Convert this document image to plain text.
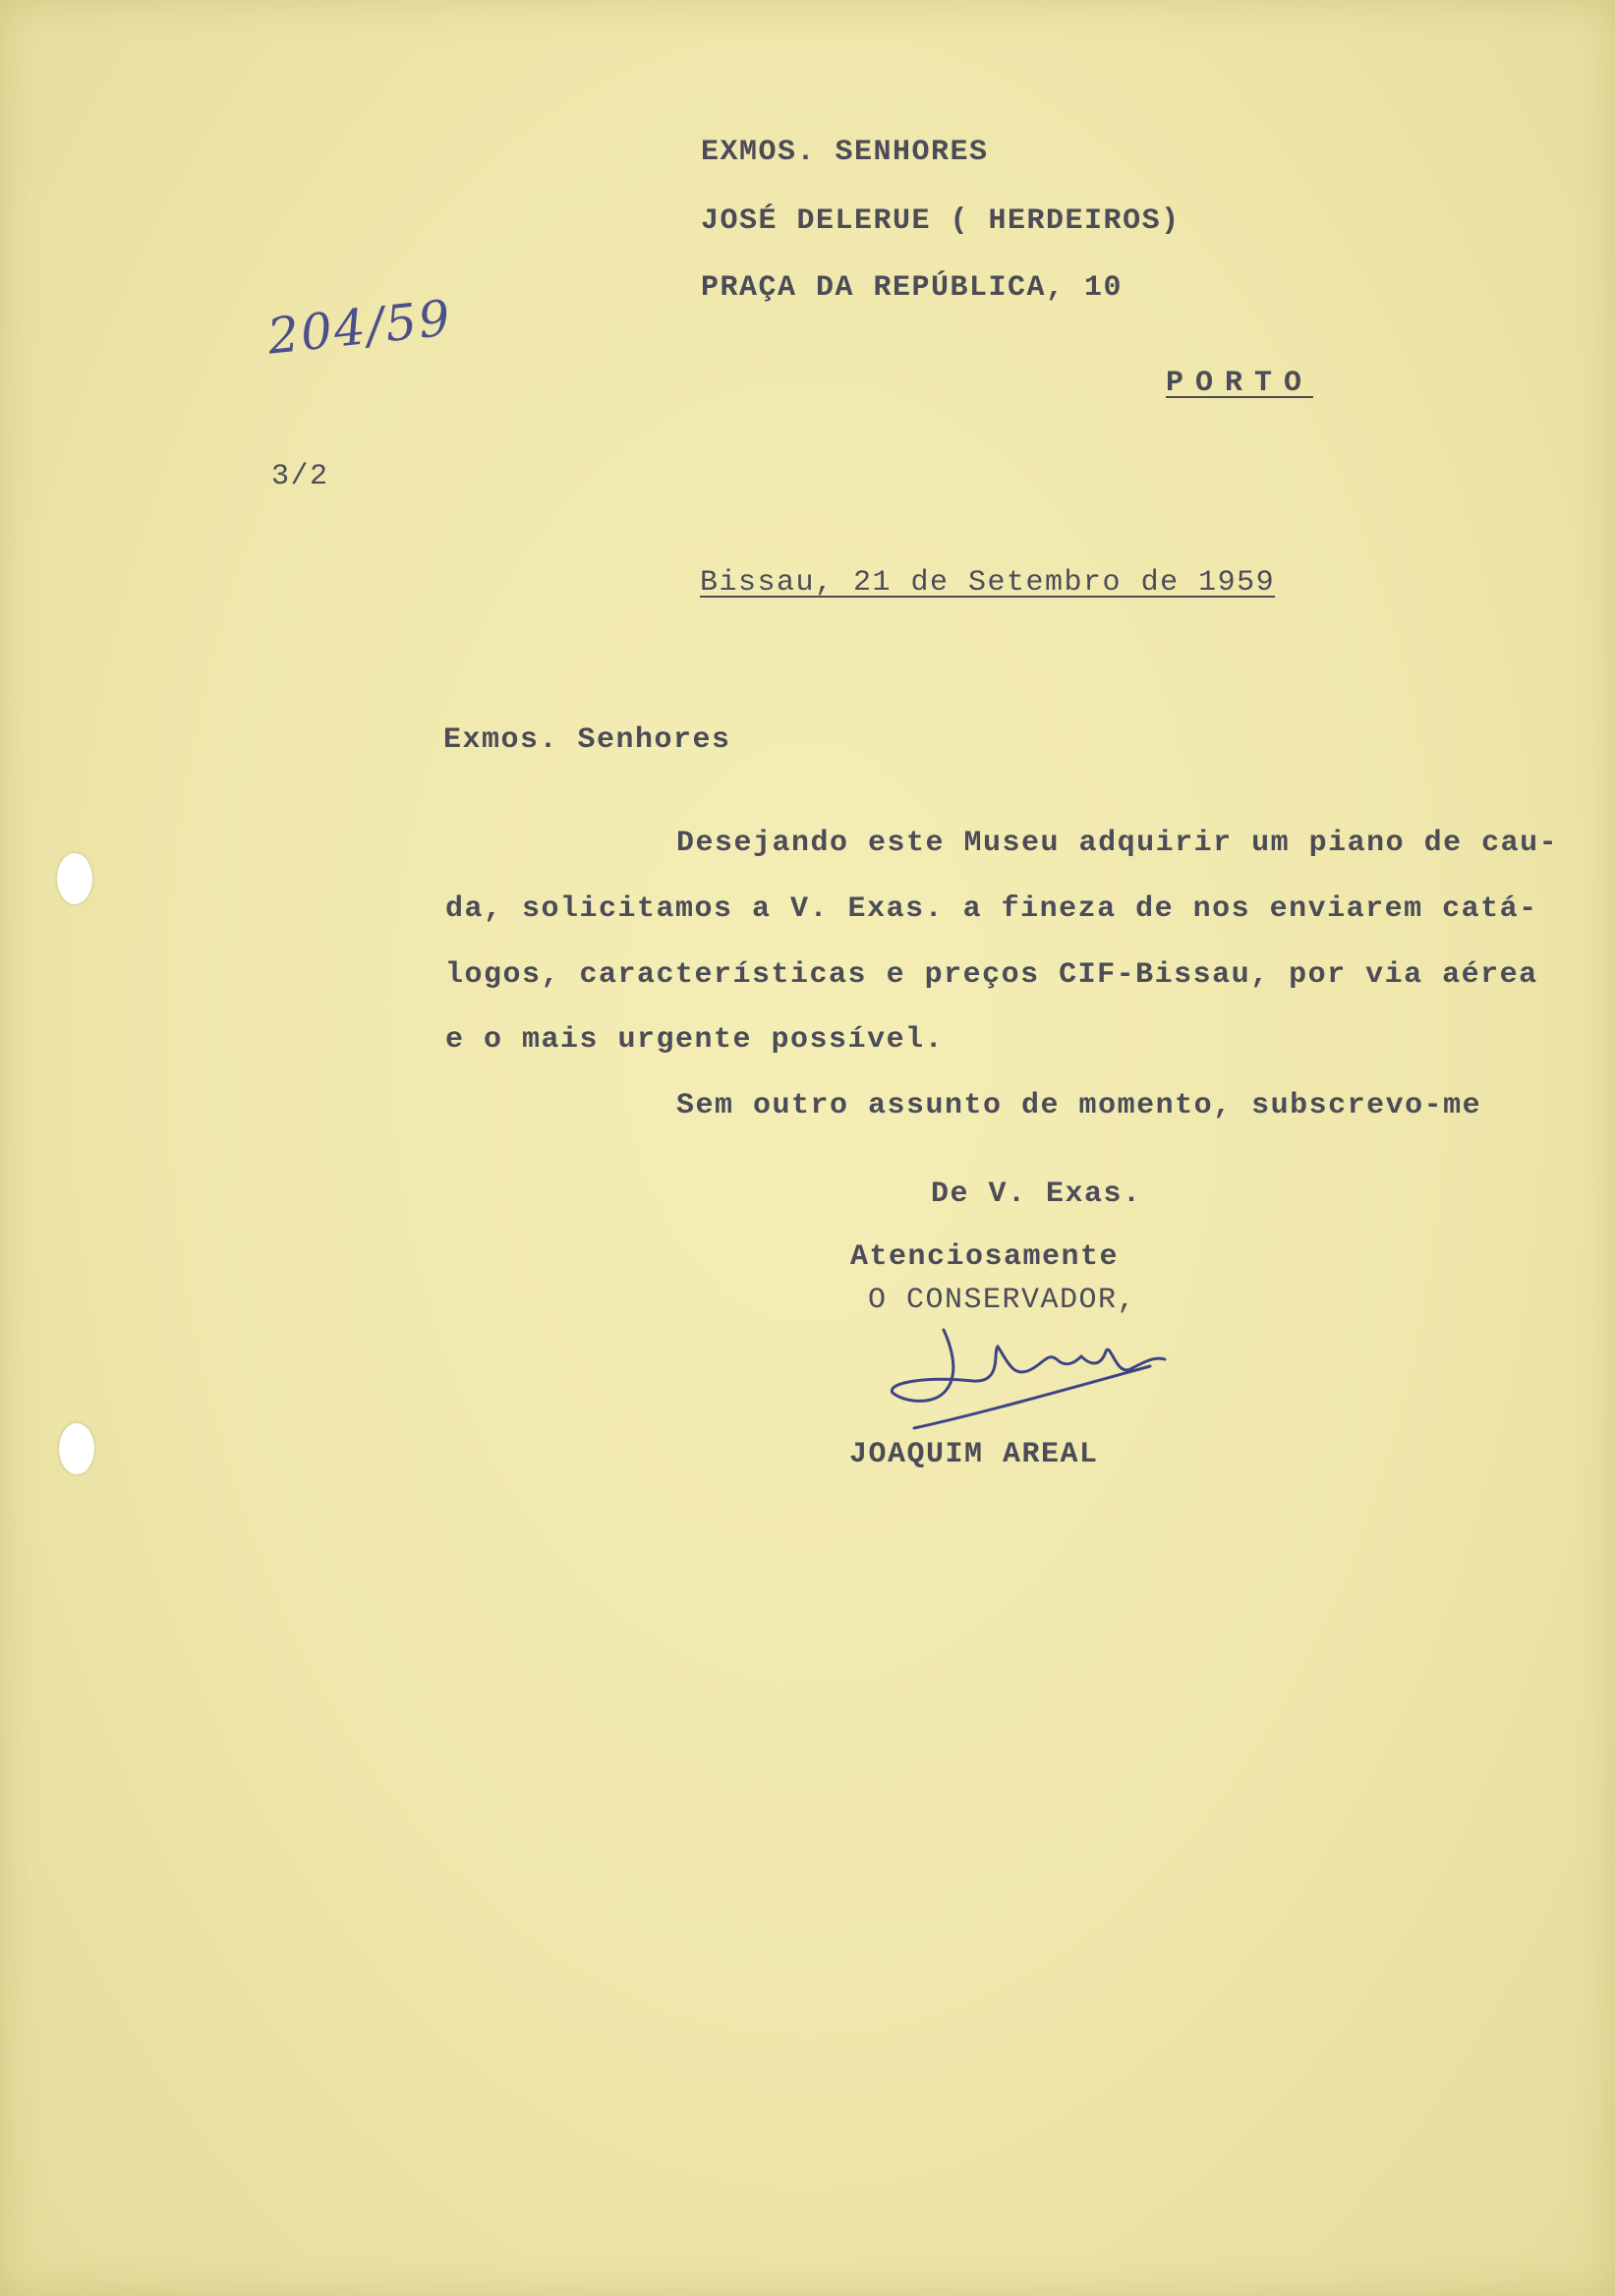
EXMOS. SENHORES
JOSÉ DELERUE ( HERDEIROS)
PRAÇA DA REPÚBLICA, 10
PORTO
204/59
3/2
Bissau, 21 de Setembro de 1959
Exmos. Senhores
Desejando este Museu adquirir um piano de cau-
da, solicitamos a V. Exas. a fineza de nos enviarem catá-
logos, características e preços CIF-Bissau, por via aérea
e o mais urgente possível.
Sem outro assunto de momento, subscrevo-me
De V. Exas.
Atenciosamente
O CONSERVADOR,
JOAQUIM AREAL
